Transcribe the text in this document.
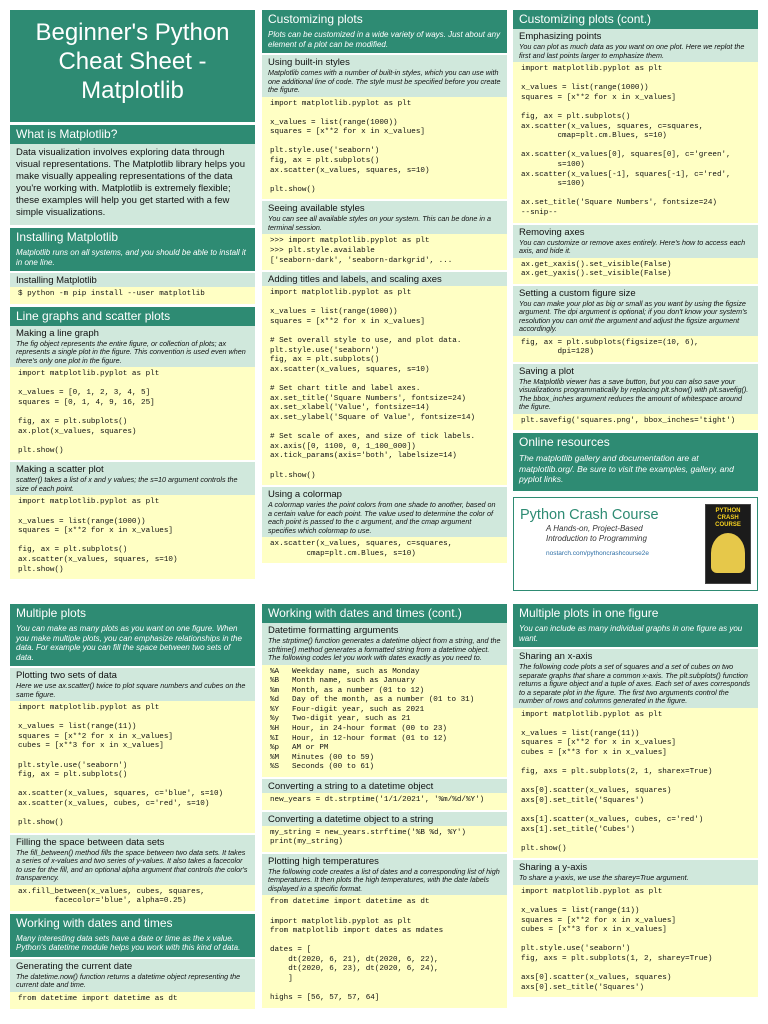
Beginner's Python
Cheat Sheet -
Matplotlib
What is Matplotlib?
Data visualization involves exploring data through visual representations. The Matplotlib library helps you make visually appealing representations of the data you're working with. Matplotlib is extremely flexible; these examples will help you get started with a few simple visualizations.
Installing Matplotlib
Matplotlib runs on all systems, and you should be able to install it in one line.
Installing Matplotlib
$ python -m pip install --user matplotlib
Line graphs and scatter plots
Making a line graph
The fig object represents the entire figure, or collection of plots; ax represents a single plot in the figure. This convention is used even when there's only one plot in the figure.
import matplotlib.pyplot as plt

x_values = [0, 1, 2, 3, 4, 5]
squares = [0, 1, 4, 9, 16, 25]

fig, ax = plt.subplots()
ax.plot(x_values, squares)

plt.show()
Making a scatter plot
scatter() takes a list of x and y values; the s=10 argument controls the size of each point.
import matplotlib.pyplot as plt

x_values = list(range(1000))
squares = [x**2 for x in x_values]

fig, ax = plt.subplots()
ax.scatter(x_values, squares, s=10)
plt.show()
Customizing plots
Plots can be customized in a wide variety of ways. Just about any element of a plot can be modified.
Using built-in styles
Matplotlib comes with a number of built-in styles, which you can use with one additional line of code. The style must be specified before you create the figure.
import matplotlib.pyplot as plt

x_values = list(range(1000))
squares = [x**2 for x in x_values]

plt.style.use('seaborn')
fig, ax = plt.subplots()
ax.scatter(x_values, squares, s=10)

plt.show()
Seeing available styles
You can see all available styles on your system. This can be done in a terminal session.
>>> import matplotlib.pyplot as plt
>>> plt.style.available
['seaborn-dark', 'seaborn-darkgrid', ...
Adding titles and labels, and scaling axes
import matplotlib.pyplot as plt

x_values = list(range(1000))
squares = [x**2 for x in x_values]

# Set overall style to use, and plot data.
plt.style.use('seaborn')
fig, ax = plt.subplots()
ax.scatter(x_values, squares, s=10)

# Set chart title and label axes.
ax.set_title('Square Numbers', fontsize=24)
ax.set_xlabel('Value', fontsize=14)
ax.set_ylabel('Square of Value', fontsize=14)

# Set scale of axes, and size of tick labels.
ax.axis([0, 1100, 0, 1_100_000])
ax.tick_params(axis='both', labelsize=14)

plt.show()
Using a colormap
A colormap varies the point colors from one shade to another, based on a certain value for each point. The value used to determine the color of each point is passed to the c argument, and the cmap argument specifies which colormap to use.
ax.scatter(x_values, squares, c=squares,
cmap=plt.cm.Blues, s=10)
Customizing plots (cont.)
Emphasizing points
You can plot as much data as you want on one plot. Here we replot the first and last points larger to emphasize them.
import matplotlib.pyplot as plt

x_values = list(range(1000))
squares = [x**2 for x in x_values]

fig, ax = plt.subplots()
ax.scatter(x_values, squares, c=squares,
cmap=plt.cm.Blues, s=10)

ax.scatter(x_values[0], squares[0], c='green',
s=100)
ax.scatter(x_values[-1], squares[-1], c='red',
s=100)

ax.set_title('Square Numbers', fontsize=24)
--snip--
Removing axes
You can customize or remove axes entirely. Here's how to access each axis, and hide it.
ax.get_xaxis().set_visible(False)
ax.get_yaxis().set_visible(False)
Setting a custom figure size
You can make your plot as big or small as you want by using the figsize argument. The dpi argument is optional; if you don't know your system's resolution you can omit the argument and adjust the figsize argument accordingly.
fig, ax = plt.subplots(figsize=(10, 6),
dpi=128)
Saving a plot
The Matplotlib viewer has a save button, but you can also save your visualizations programmatically by replacing plt.show() with plt.savefig(). The bbox_inches argument reduces the amount of whitespace around the figure.
plt.savefig('squares.png', bbox_inches='tight')
Online resources
The matplotlib gallery and documentation are at matplotlib.org/. Be sure to visit the examples, gallery, and pyplot links.
Python Crash Course
A Hands-on, Project-Based
Introduction to Programming
nostarch.com/pythoncrashcourse2e
PYTHON CRASH COURSE
Multiple plots
You can make as many plots as you want on one figure. When you make multiple plots, you can emphasize relationships in the data. For example you can fill the space between two sets of data.
Plotting two sets of data
Here we use ax.scatter() twice to plot square numbers and cubes on the same figure.
import matplotlib.pyplot as plt

x_values = list(range(11))
squares = [x**2 for x in x_values]
cubes = [x**3 for x in x_values]

plt.style.use('seaborn')
fig, ax = plt.subplots()

ax.scatter(x_values, squares, c='blue', s=10)
ax.scatter(x_values, cubes, c='red', s=10)

plt.show()
Filling the space between data sets
The fill_between() method fills the space between two data sets. It takes a series of x-values and two series of y-values. It also takes a facecolor to use for the fill, and an optional alpha argument that controls the color's transparency.
ax.fill_between(x_values, cubes, squares,
facecolor='blue', alpha=0.25)
Working with dates and times
Many interesting data sets have a date or time as the x value. Python's datetime module helps you work with this kind of data.
Generating the current date
The datetime.now() function returns a datetime object representing the current date and time.
from datetime import datetime as dt
Working with dates and times (cont.)
Datetime formatting arguments
The strptime() function generates a datetime object from a string, and the strftime() method generates a formatted string from a datetime object. The following codes let you work with dates exactly as you need to.
%A	Weekday name, such as Monday
%B	Month name, such as January
%m	Month, as a number (01 to 12)
%d	Day of the month, as a number (01 to 31)
%Y	Four-digit year, such as 2021
%y	Two-digit year, such as 21
%H	Hour, in 24-hour format (00 to 23)
%I	Hour, in 12-hour format (01 to 12)
%p	AM or PM
%M	Minutes (00 to 59)
%S	Seconds (00 to 61)
Converting a string to a datetime object
new_years = dt.strptime('1/1/2021', '%m/%d/%Y')
Converting a datetime object to a string
my_string = new_years.strftime('%B %d, %Y')
print(my_string)
Plotting high temperatures
The following code creates a list of dates and a corresponding list of high temperatures. It then plots the high temperatures, with the date labels displayed in a specific format.
from datetime import datetime as dt

import matplotlib.pyplot as plt
from matplotlib import dates as mdates

dates = [
dt(2020, 6, 21), dt(2020, 6, 22),
dt(2020, 6, 23), dt(2020, 6, 24),
]

highs = [56, 57, 57, 64]
Multiple plots in one figure
You can include as many individual graphs in one figure as you want.
Sharing an x-axis
The following code plots a set of squares and a set of cubes on two separate graphs that share a common x-axis. The plt.subplots() function returns a figure object and a tuple of axes. Each set of axes corresponds to a separate plot in the figure. The first two arguments control the number of rows and columns generated in the figure.
import matplotlib.pyplot as plt

x_values = list(range(11))
squares = [x**2 for x in x_values]
cubes = [x**3 for x in x_values]

fig, axs = plt.subplots(2, 1, sharex=True)

axs[0].scatter(x_values, squares)
axs[0].set_title('Squares')

axs[1].scatter(x_values, cubes, c='red')
axs[1].set_title('Cubes')

plt.show()
Sharing a y-axis
To share a y-axis, we use the sharey=True argument.
import matplotlib.pyplot as plt

x_values = list(range(11))
squares = [x**2 for x in x_values]
cubes = [x**3 for x in x_values]

plt.style.use('seaborn')
fig, axs = plt.subplots(1, 2, sharey=True)

axs[0].scatter(x_values, squares)
axs[0].set_title('Squares')
